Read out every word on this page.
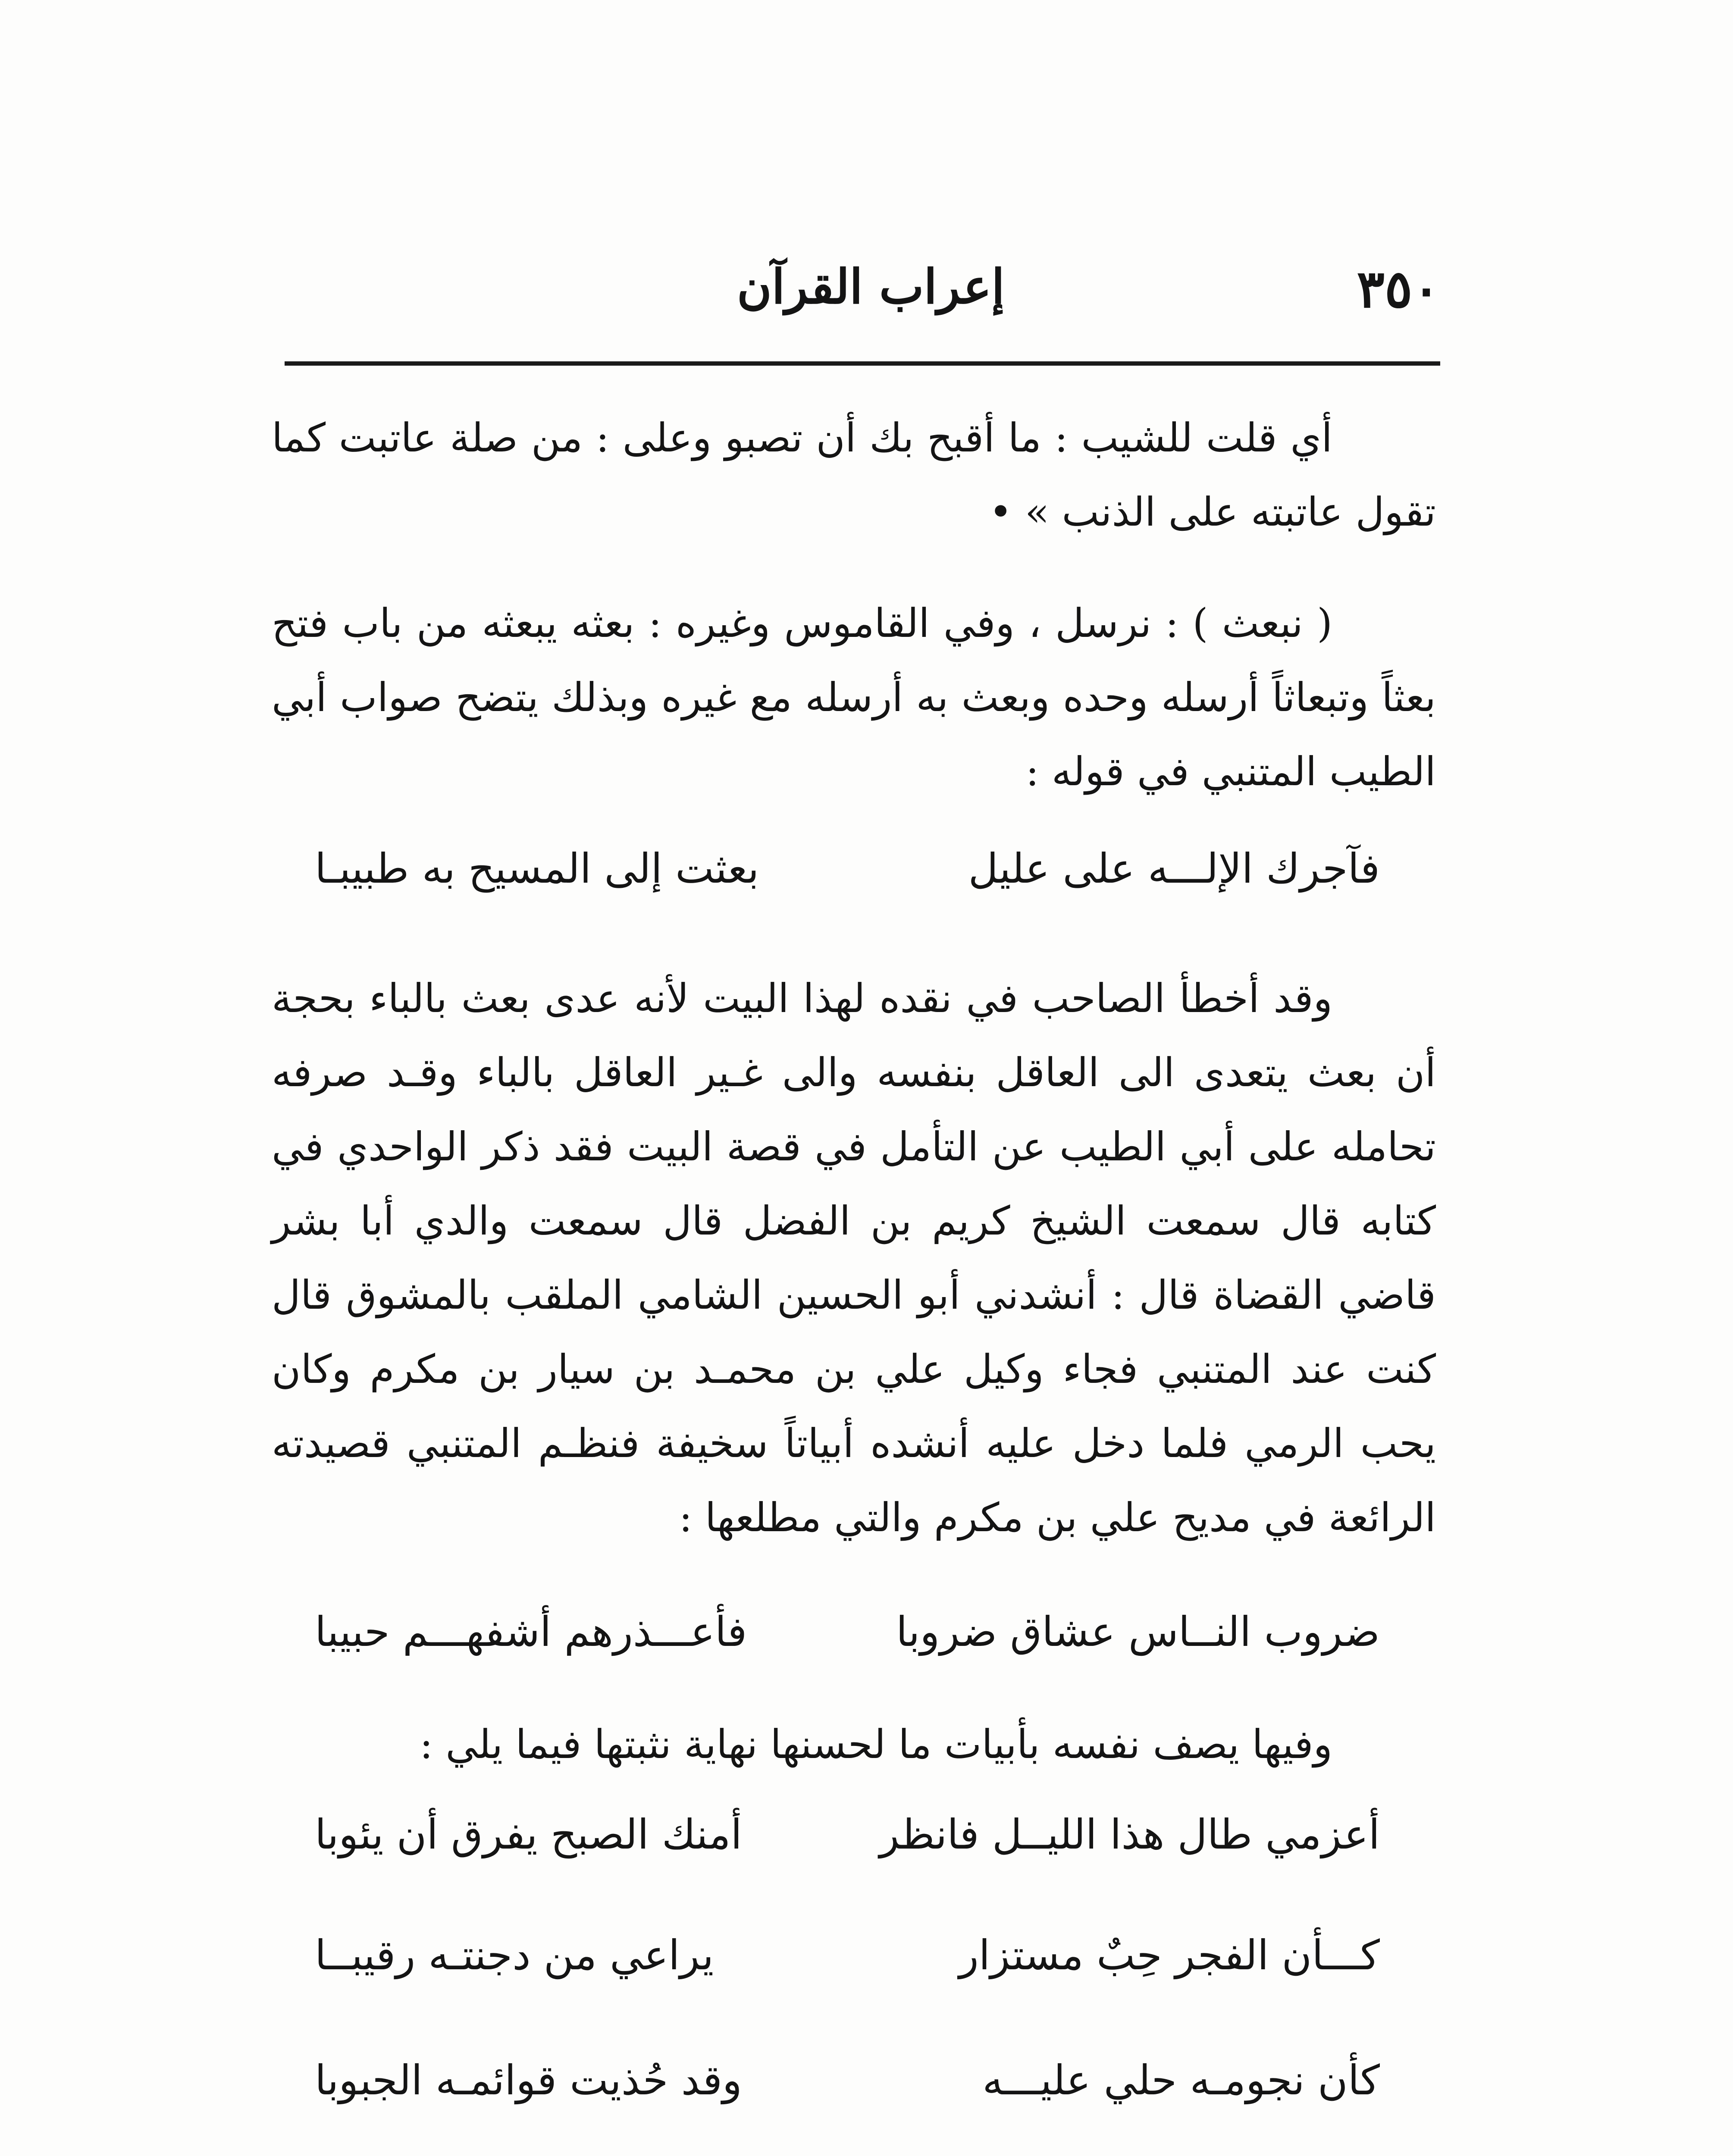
٣٥٠
إعراب القرآن

أي قلت للشيب : ما أقبح بك أن تصبو وعلى : من صلة عاتبت كما تقول عاتبته على الذنب » •

( نبعث ) : نرسل ، وفي القاموس وغيره : بعثه يبعثه من باب فتح بعثاً وتبعاثاً أرسله وحده وبعث به أرسله مع غيره وبذلك يتضح صواب أبي الطيب المتنبي في قوله :

فآجرك الإلـــه على عليل
بعثت إلى المسيح به طبيبـا

وقد أخطأ الصاحب في نقده لهذا البيت لأنه عدى بعث بالباء بحجة أن بعث يتعدى الى العاقل بنفسه والى غـير العاقل بالباء وقـد صرفه تحامله على أبي الطيب عن التأمل في قصة البيت فقد ذكر الواحدي في كتابه قال سمعت الشيخ كريم بن الفضل قال سمعت والدي أبا بشر قاضي القضاة قال : أنشدني أبو الحسين الشامي الملقب بالمشوق قال كنت عند المتنبي فجاء وكيل علي بن محمـد بن سيار بن مكرم وكان يحب الرمي فلما دخل عليه أنشده أبياتاً سخيفة فنظـم المتنبي قصيدته الرائعة في مديح علي بن مكرم والتي مطلعها :

ضروب النــاس عشاق ضروبا
فأعـــذرهم أشفهـــم حبيبا

وفيها يصف نفسه بأبيات ما لحسنها نهاية نثبتها فيما يلي :

أعزمي طال هذا الليــل فانظر
أمنك الصبح يفرق أن يئوبا
كـــأن الفجر حِبٌ مستزار
يراعي من دجنتـه رقيبــا
كأن نجومـه حلي عليـــه
وقد حُذيت قوائمـه الجبوبا
